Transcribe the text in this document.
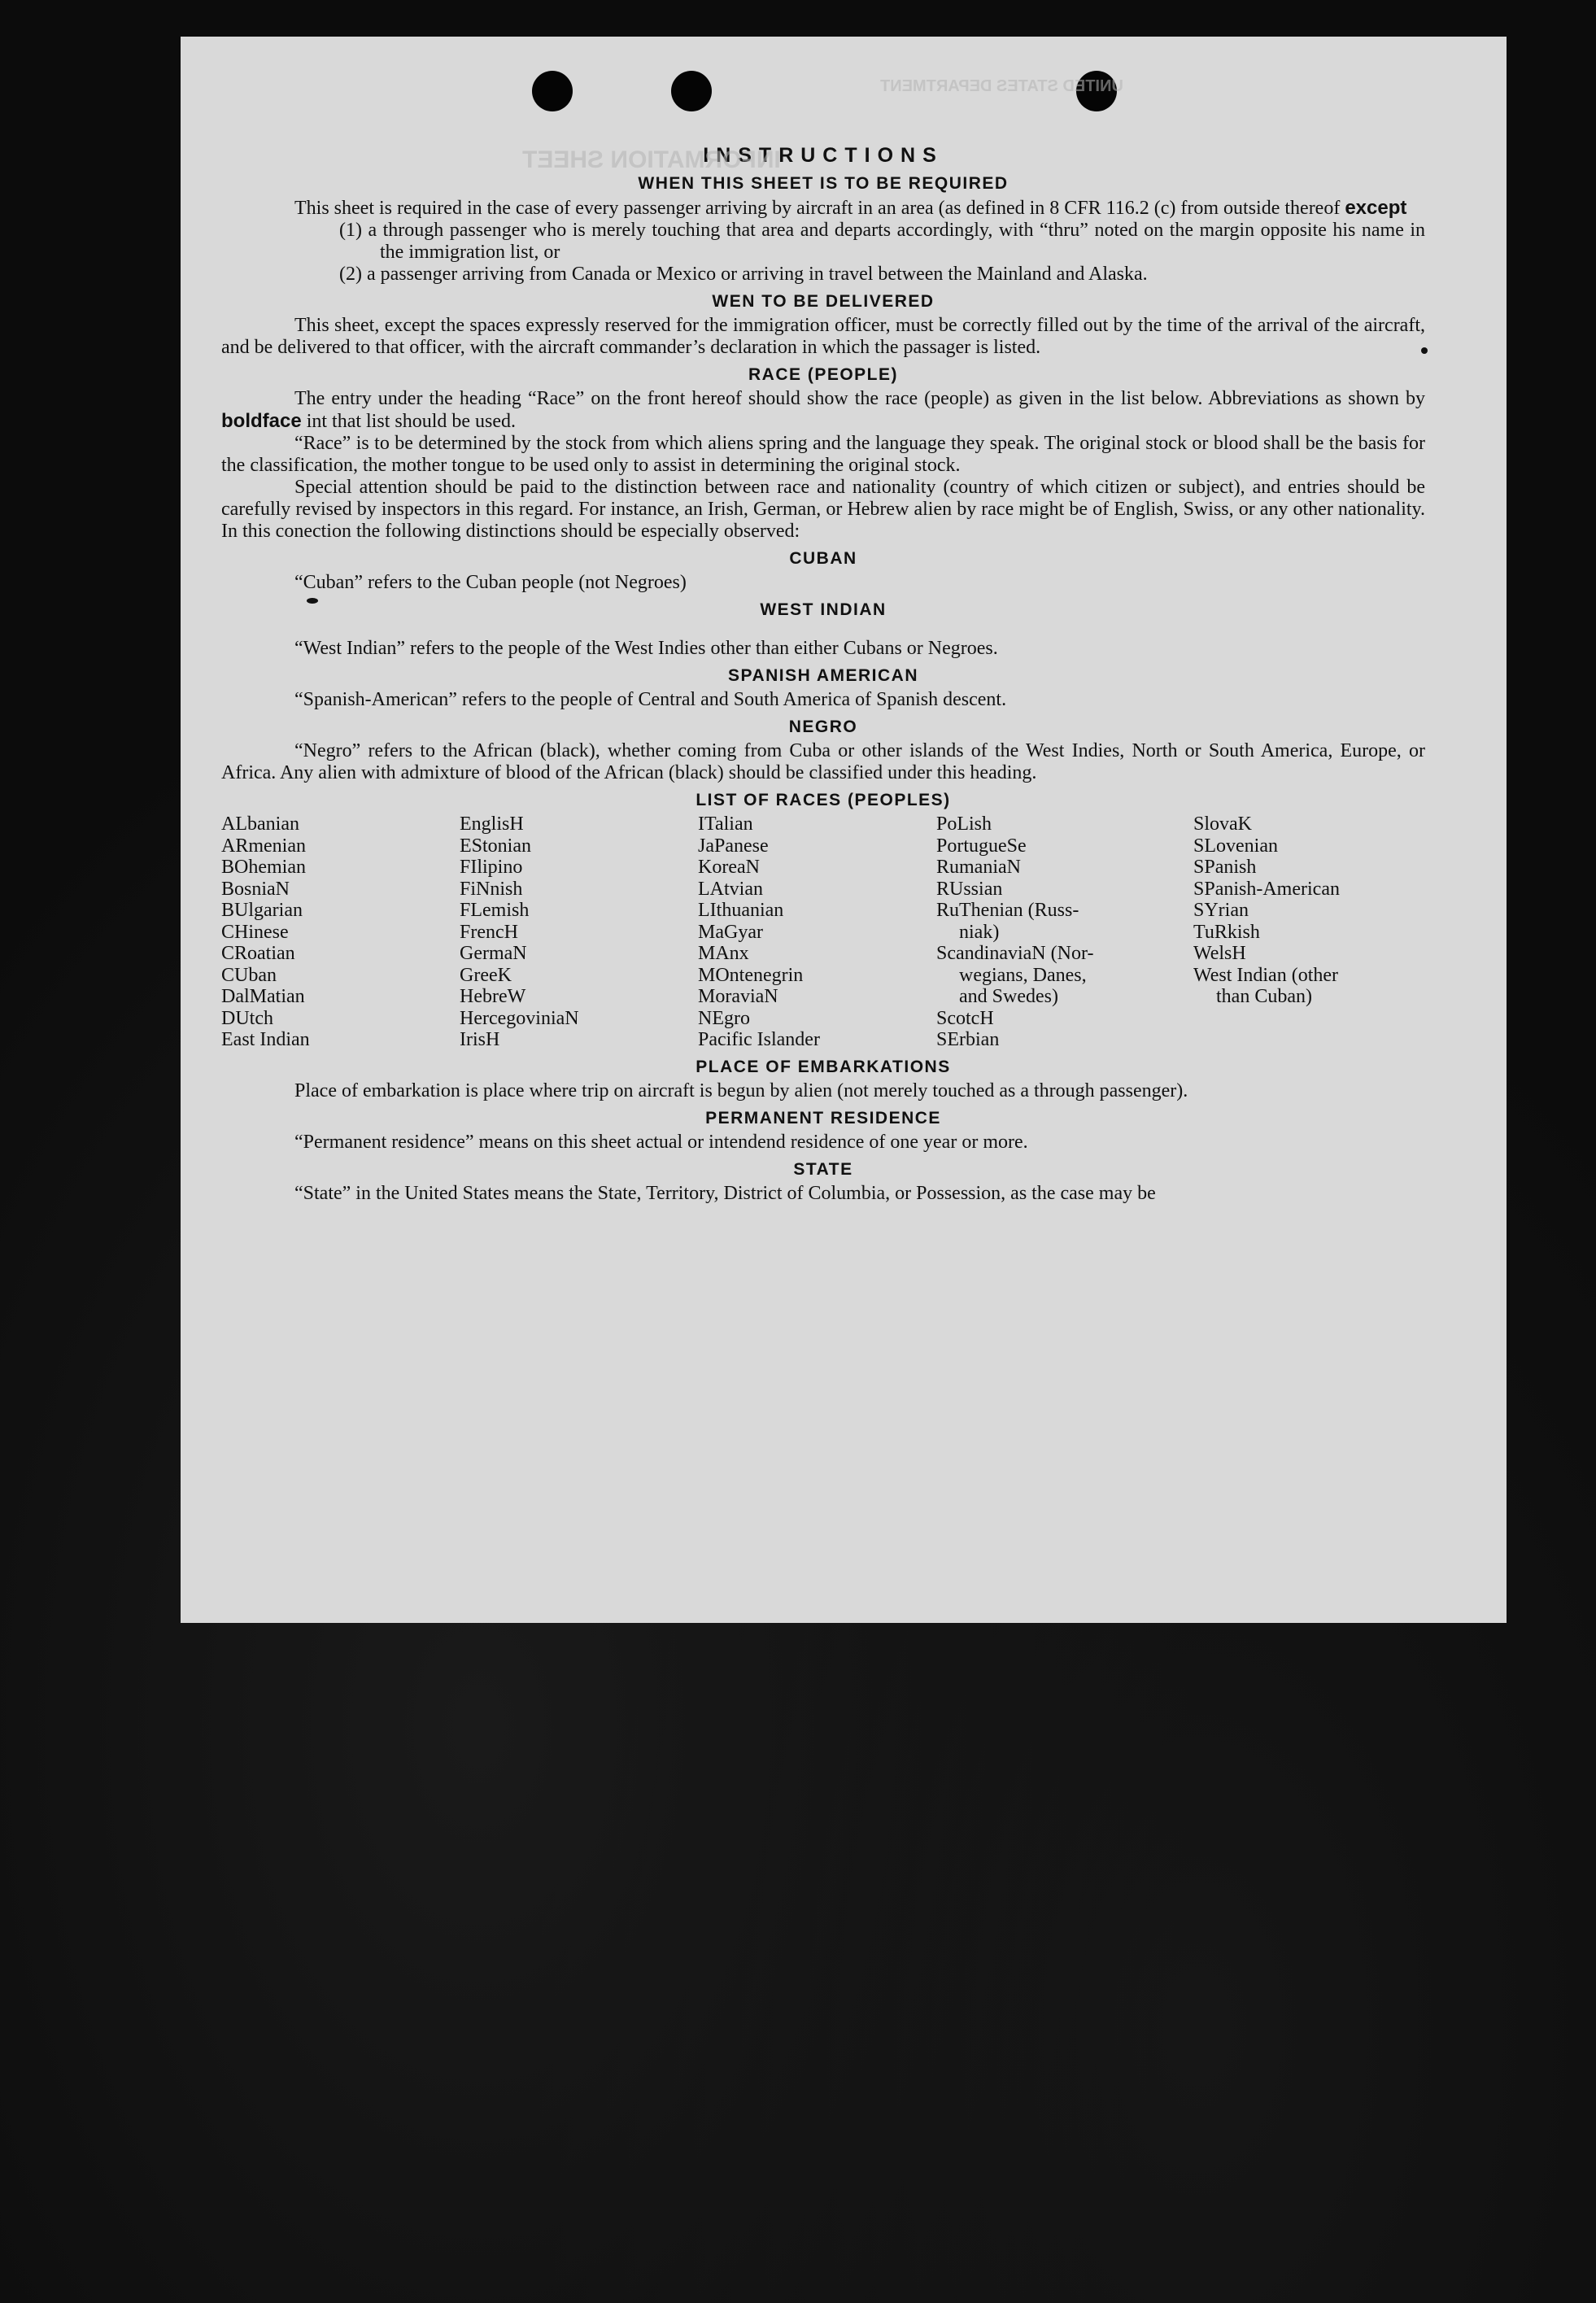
INFORMATION SHEET
UNITED STATES DEPARTMENT
INSTRUCTIONS
WHEN THIS SHEET IS TO BE REQUIRED

This sheet is required in the case of every passenger arriving by aircraft in an area (as defined in 8 CFR 116.2 (c) from outside thereof except

(1) a through passenger who is merely touching that area and departs accordingly, with “thru” noted on the margin opposite his name in the immigration list, or
(2) a passenger arriving from Canada or Mexico or arriving in travel between the Mainland and Alaska.
WEN TO BE DELIVERED

This sheet, except the spaces expressly reserved for the immigration officer, must be correctly filled out by the time of the arrival of the aircraft, and be delivered to that officer, with the aircraft commander’s declaration in which the passager is listed.

RACE (PEOPLE)

The entry under the heading “Race” on the front hereof should show the race (people) as given in the list below. Abbreviations as shown by boldface int that list should be used.

“Race” is to be determined by the stock from which aliens spring and the language they speak. The original stock or blood shall be the basis for the classification, the mother tongue to be used only to assist in determining the original stock.

Special attention should be paid to the distinction between race and nationality (country of which citizen or subject), and entries should be carefully revised by inspectors in this regard. For instance, an Irish, German, or Hebrew alien by race might be of English, Swiss, or any other nationality. In this conection the following distinctions should be especially observed:

CUBAN

“Cuban” refers to the Cuban people (not Negroes)

WEST INDIAN

“West Indian” refers to the people of the West Indies other than either Cubans or Negroes.

SPANISH AMERICAN

“Spanish-American” refers to the people of Central and South America of Spanish descent.

NEGRO

“Negro” refers to the African (black), whether coming from Cuba or other islands of the West Indies, North or South America, Europe, or Africa. Any alien with admixture of blood of the African (black) should be classified under this heading.

LIST OF RACES (PEOPLES)
ALbanian
ARmenian
BOhemian
BosniaN
BUlgarian
CHinese
CRoatian
CUban
DalMatian
DUtch
East Indian
EnglisH
EStonian
FIlipino
FiNnish
FLemish
FrencH
GermaN
GreeK
HebreW
HercegoviniaN
IrisH
ITalian
JaPanese
KoreaN
LAtvian
LIthuanian
MaGyar
MAnx
MOntenegrin
MoraviaN
NEgro
Pacific Islander
PoLish
PortugueSe
RumaniaN
RUssian
RuThenian (Russ-
niak)
ScandinaviaN (Nor-
wegians, Danes,
and Swedes)
ScotcH
SErbian
SlovaK
SLovenian
SPanish
SPanish-American
SYrian
TuRkish
WelsH
West Indian (other
than Cuban)
PLACE OF EMBARKATIONS

Place of embarkation is place where trip on aircraft is begun by alien (not merely touched as a through passenger).

PERMANENT RESIDENCE

“Permanent residence” means on this sheet actual or intendend residence of one year or more.

STATE

“State” in the United States means the State, Territory, District of Columbia, or Possession, as the case may be
